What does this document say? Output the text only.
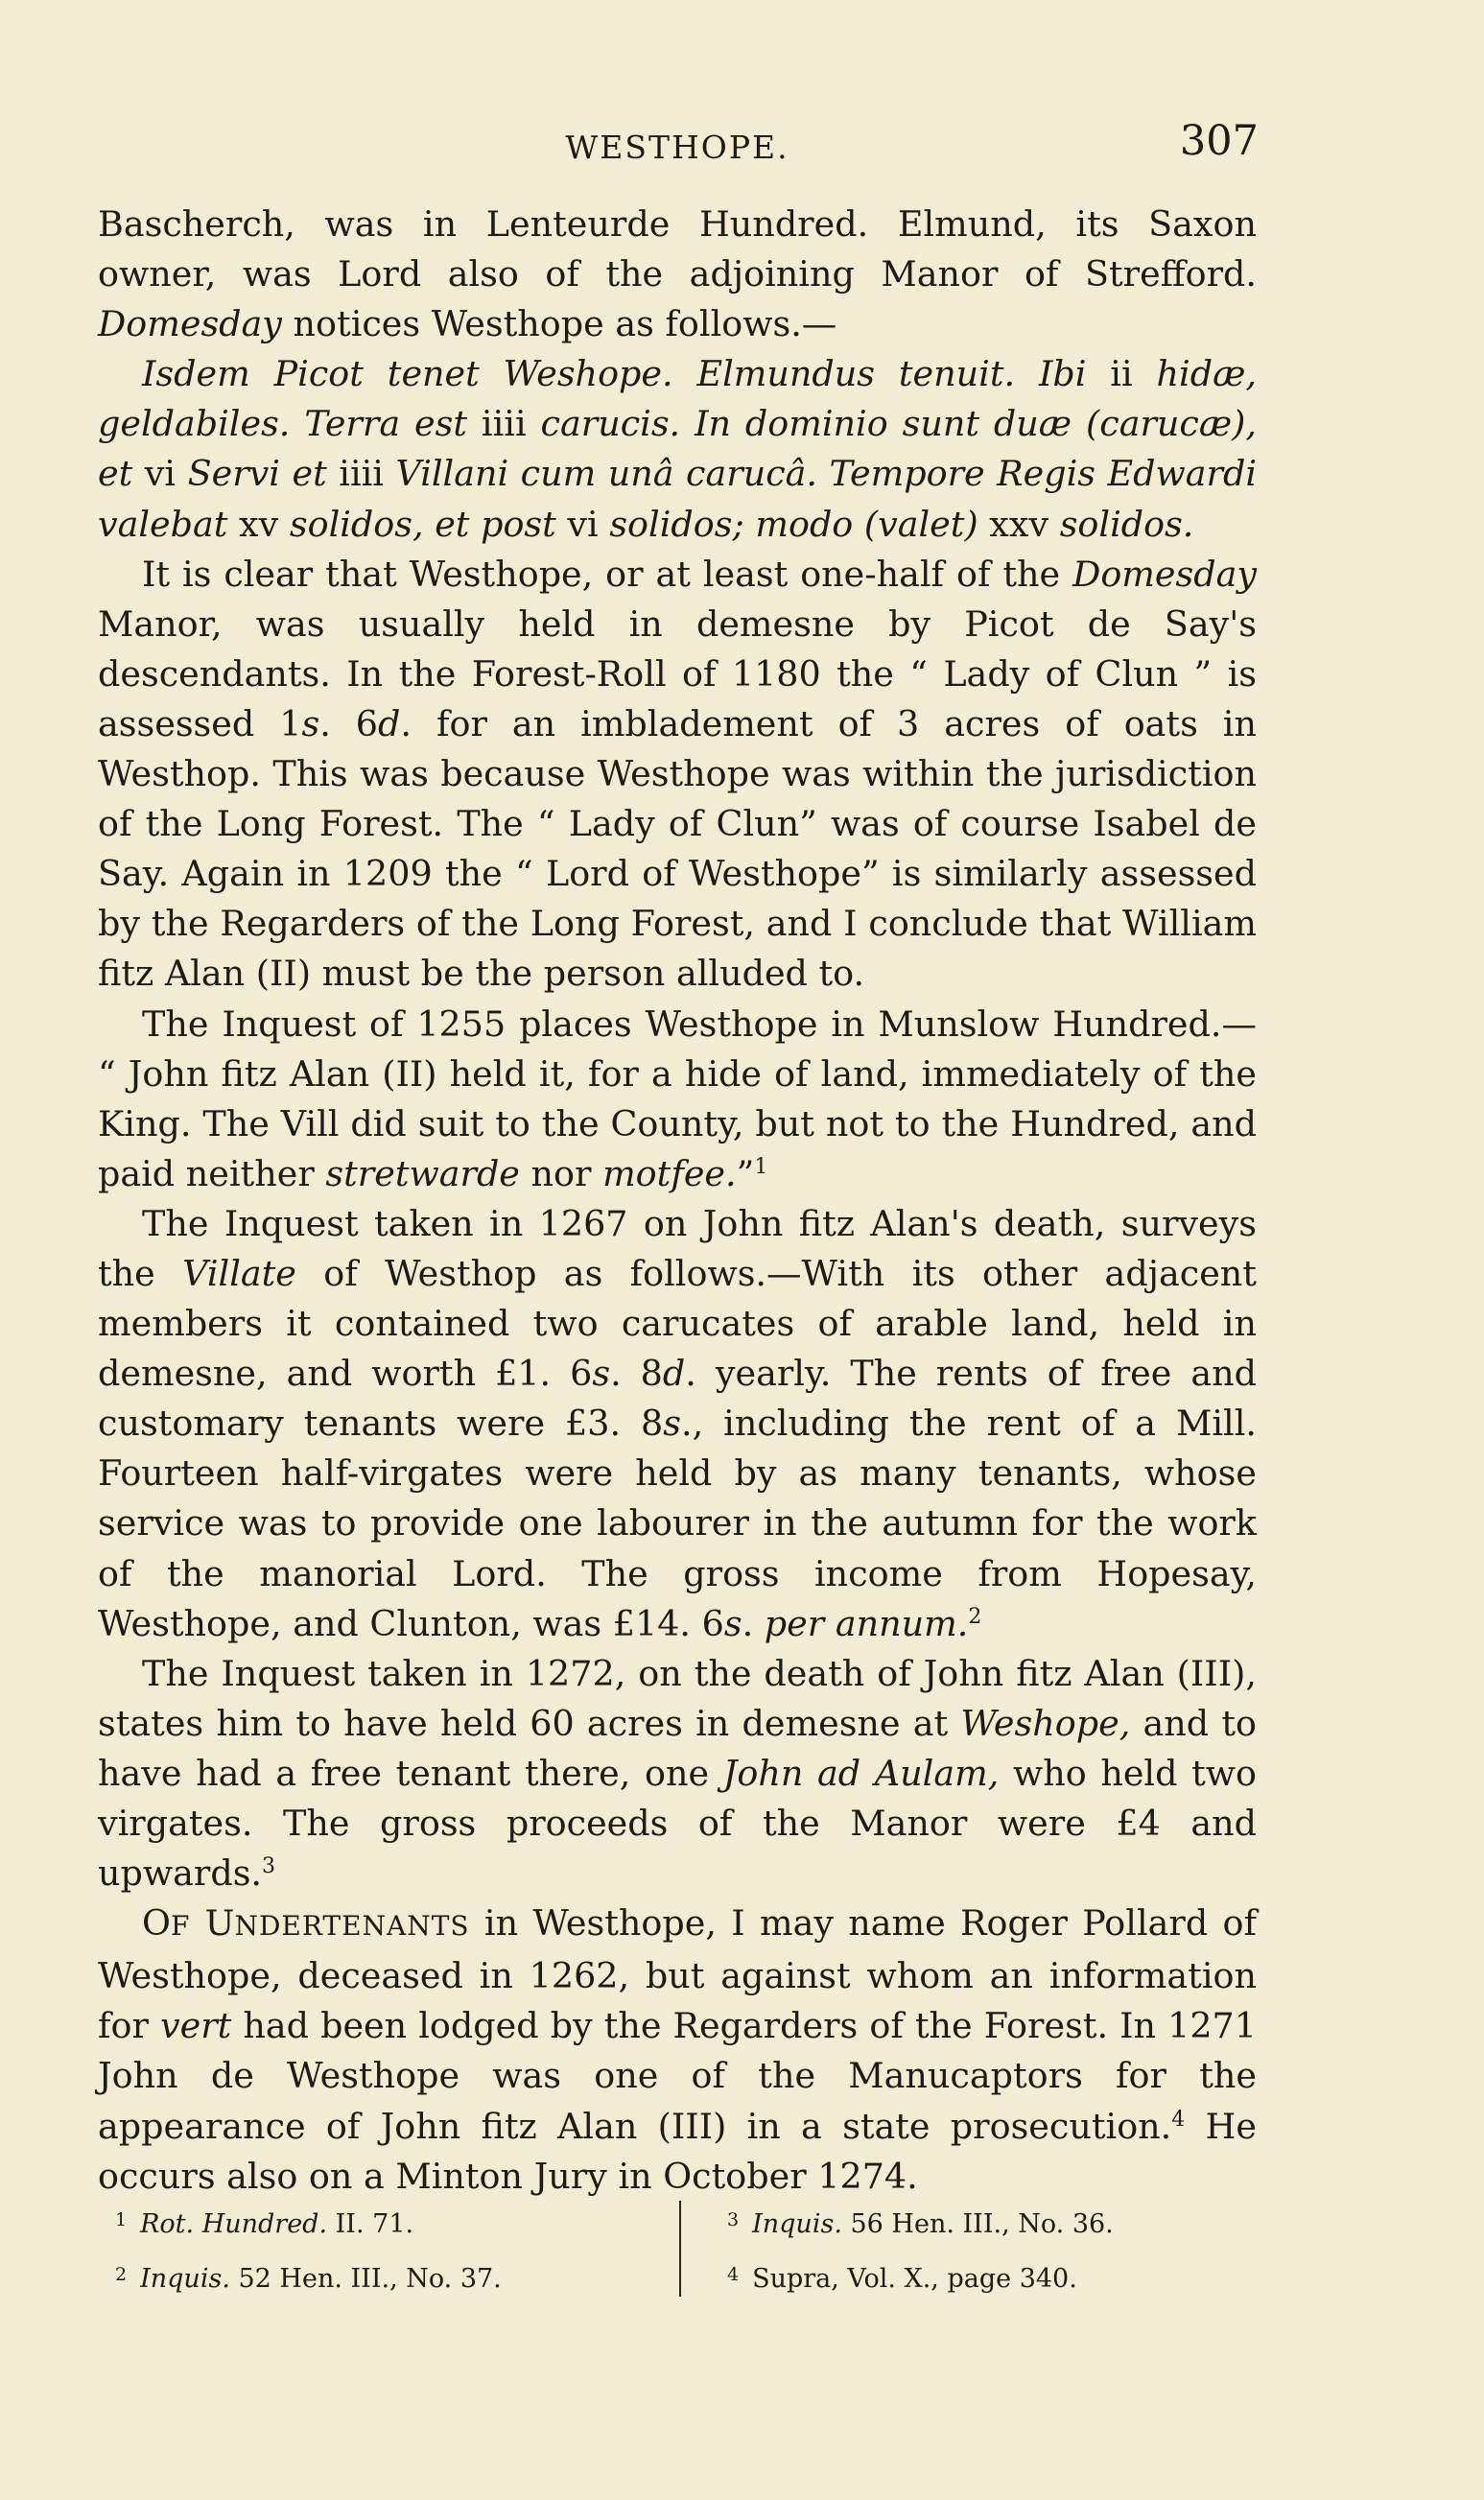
WESTHOPE.	307

Bascherch, was in Lenteurde Hundred. Elmund, its Saxon owner, was Lord also of the adjoining Manor of Strefford. Domesday notices Westhope as follows.—

Isdem Picot tenet Weshope. Elmundus tenuit. Ibi ii hidæ, geldabiles. Terra est iiii carucis. In dominio sunt duæ (carucæ), et vi Servi et iiii Villani cum unâ carucâ. Tempore Regis Edwardi valebat xv solidos, et post vi solidos; modo (valet) xxv solidos.

It is clear that Westhope, or at least one-half of the Domesday Manor, was usually held in demesne by Picot de Say's descendants. In the Forest-Roll of 1180 the “ Lady of Clun ” is assessed 1s. 6d. for an imbladement of 3 acres of oats in Westhop. This was because Westhope was within the jurisdiction of the Long Forest. The “ Lady of Clun” was of course Isabel de Say. Again in 1209 the “ Lord of Westhope” is similarly assessed by the Regarders of the Long Forest, and I conclude that William fitz Alan (II) must be the person alluded to.

The Inquest of 1255 places Westhope in Munslow Hundred.— “ John fitz Alan (II) held it, for a hide of land, immediately of the King. The Vill did suit to the County, but not to the Hundred, and paid neither stretwarde nor motfee.”$^1$

The Inquest taken in 1267 on John fitz Alan's death, surveys the Villate of Westhop as follows.—With its other adjacent members it contained two carucates of arable land, held in demesne, and worth £1. 6s. 8d. yearly. The rents of free and customary tenants were £3. 8s., including the rent of a Mill. Fourteen half-virgates were held by as many tenants, whose service was to provide one labourer in the autumn for the work of the manorial Lord. The gross income from Hopesay, Westhope, and Clunton, was £14. 6s. per annum.$^2$

The Inquest taken in 1272, on the death of John fitz Alan (III), states him to have held 60 acres in demesne at Weshope, and to have had a free tenant there, one John ad Aulam, who held two virgates. The gross proceeds of the Manor were £4 and upwards.$^3$

OF UNDERTENANTS in Westhope, I may name Roger Pollard of Westhope, deceased in 1262, but against whom an information for vert had been lodged by the Regarders of the Forest. In 1271 John de Westhope was one of the Manucaptors for the appearance of John fitz Alan (III) in a state prosecution.$^4$ He occurs also on a Minton Jury in October 1274.

$^1$ Rot. Hundred. II. 71.
$^2$ Inquis. 52 Hen. III., No. 37.
$^3$ Inquis. 56 Hen. III., No. 36.
$^4$ Supra, Vol. X., page 340.
